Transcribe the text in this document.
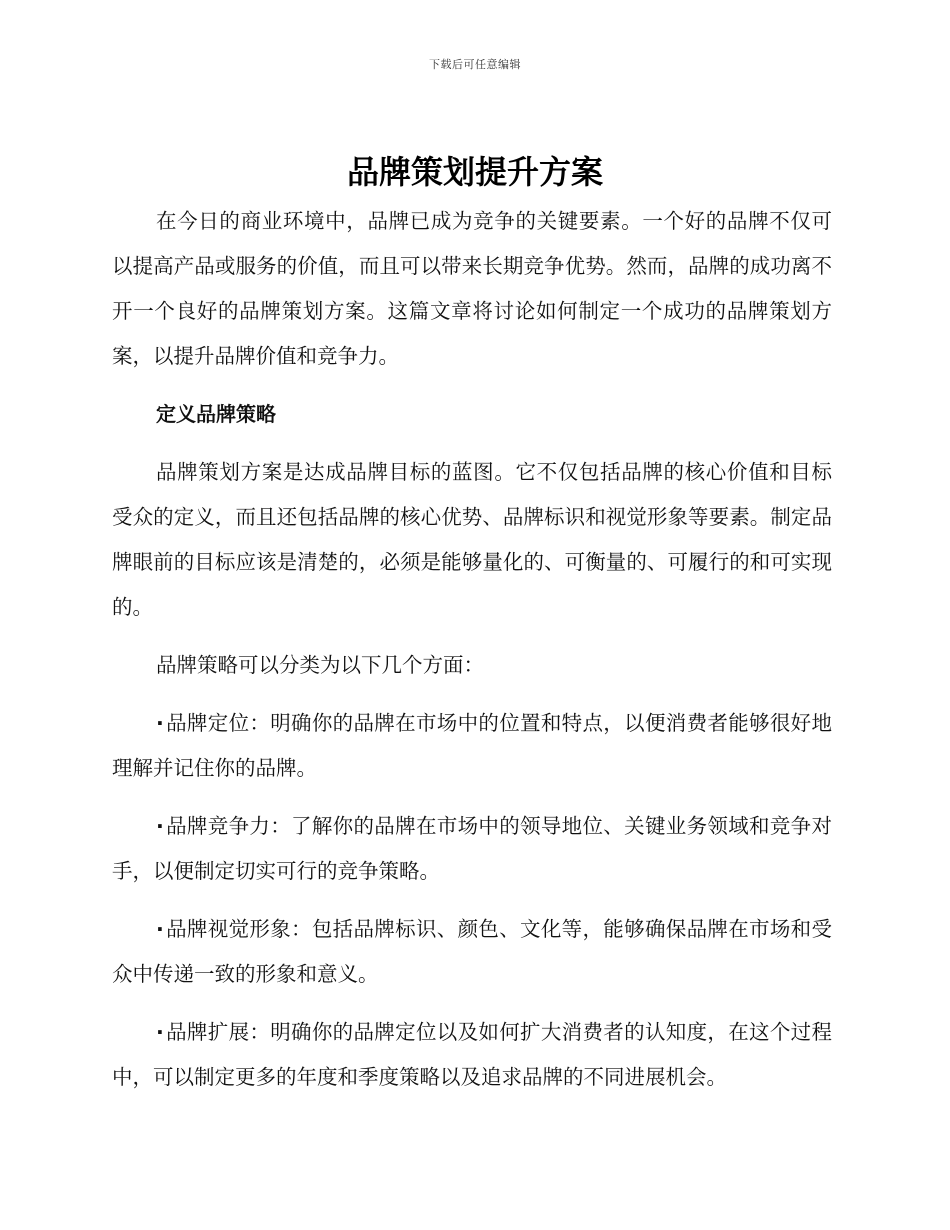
下载后可任意编辑
品牌策划提升方案

在今日的商业环境中，品牌已成为竞争的关键要素。一个好的品牌不仅可以提高产品或服务的价值，而且可以带来长期竞争优势。然而，品牌的成功离不开一个良好的品牌策划方案。这篇文章将讨论如何制定一个成功的品牌策划方案，以提升品牌价值和竞争力。

定义品牌策略

品牌策划方案是达成品牌目标的蓝图。它不仅包括品牌的核心价值和目标受众的定义，而且还包括品牌的核心优势、品牌标识和视觉形象等要素。制定品牌眼前的目标应该是清楚的，必须是能够量化的、可衡量的、可履行的和可实现的。

品牌策略可以分类为以下几个方面：

·品牌定位：明确你的品牌在市场中的位置和特点，以便消费者能够很好地理解并记住你的品牌。

·品牌竞争力：了解你的品牌在市场中的领导地位、关键业务领域和竞争对手，以便制定切实可行的竞争策略。

·品牌视觉形象：包括品牌标识、颜色、文化等，能够确保品牌在市场和受众中传递一致的形象和意义。

·品牌扩展：明确你的品牌定位以及如何扩大消费者的认知度，在这个过程中，可以制定更多的年度和季度策略以及追求品牌的不同进展机会。
